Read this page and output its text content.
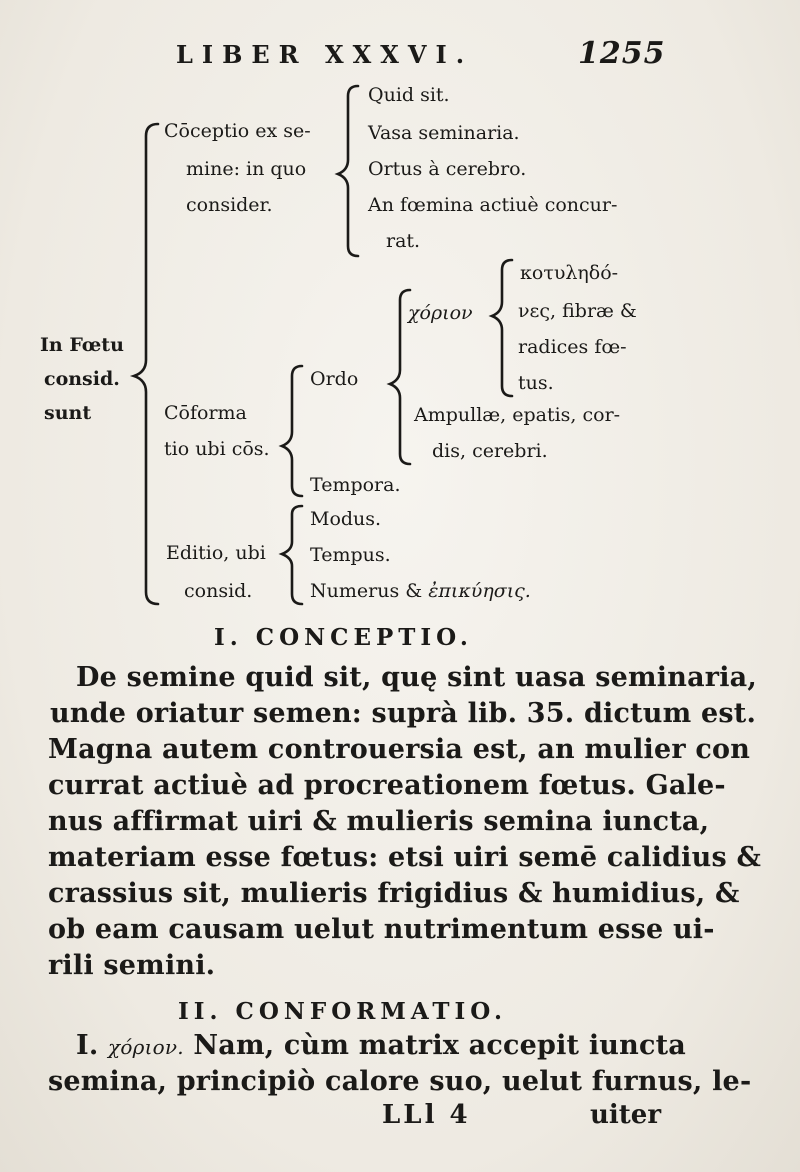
LIBER XXXVI.	1255
In Fœtu
consid.
sunt
Cōceptio ex se-
mine: in quo
consider.
Quid sit.
Vasa seminaria.
Ortus à cerebro.
An fœmina actiuè concur-
rat.
Cōforma
tio ubi cōs.
Ordo
χόριον
κοτυληδό-
νες, fibræ &
radices fœ-
tus.
Ampullæ, epatis, cor-
dis, cerebri.
Tempora.
Editio, ubi
consid.
Modus.
Tempus.
Numerus & ἐπικύησις.
I. CONCEPTIO.
De semine quid sit, quę sint uasa seminaria,
unde oriatur semen: suprà lib. 35. dictum est.
Magna autem controuersia est, an mulier con
currat actiuè ad procreationem fœtus. Gale-
nus affirmat uiri & mulieris semina iuncta,
materiam esse fœtus: etsi uiri semē calidius &
crassius sit, mulieris frigidius & humidius, &
ob eam causam uelut nutrimentum esse ui-
rili semini.
II. CONFORMATIO.
I. χόριον. Nam, cùm matrix accepit iuncta
semina, principiò calore suo, uelut furnus, le-
LLl 4	uiter
